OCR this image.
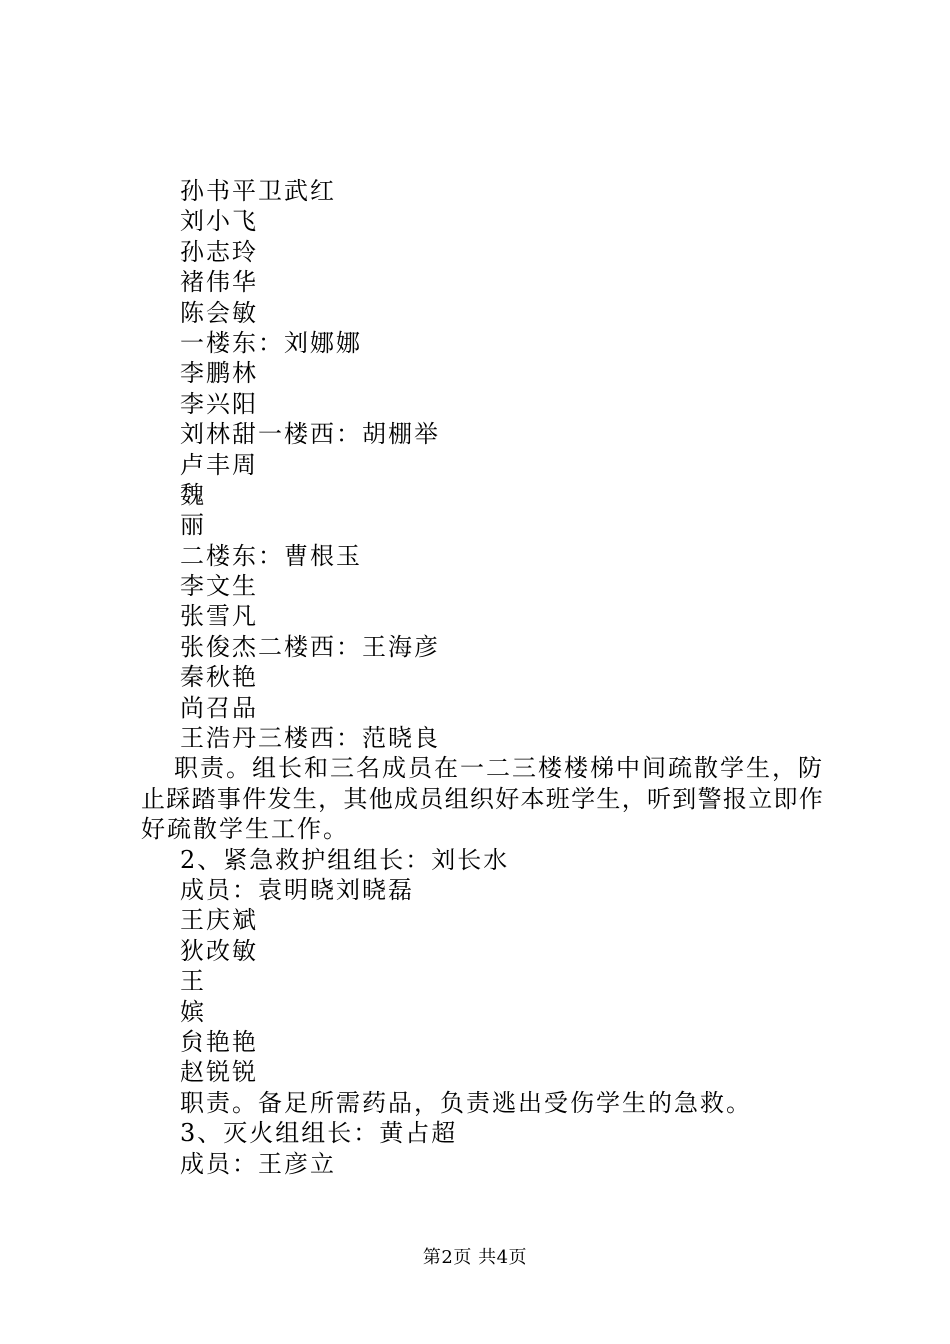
孙书平卫武红
刘小飞
孙志玲
褚伟华
陈会敏
一楼东：刘娜娜
李鹏林
李兴阳
刘林甜一楼西：胡棚举
卢丰周
魏
丽
二楼东：曹根玉
李文生
张雪凡
张俊杰二楼西：王海彦
秦秋艳
尚召品
王浩丹三楼西：范晓良
职责。组长和三名成员在一二三楼楼梯中间疏散学生，防
止踩踏事件发生，其他成员组织好本班学生，听到警报立即作
好疏散学生工作。
2、紧急救护组组长：刘长水
成员：袁明晓刘晓磊
王庆斌
狄改敏
王
嫔
贠艳艳
赵锐锐
职责。备足所需药品，负责逃出受伤学生的急救。
3、灭火组组长：黄占超
成员：王彦立
第2页 共4页
